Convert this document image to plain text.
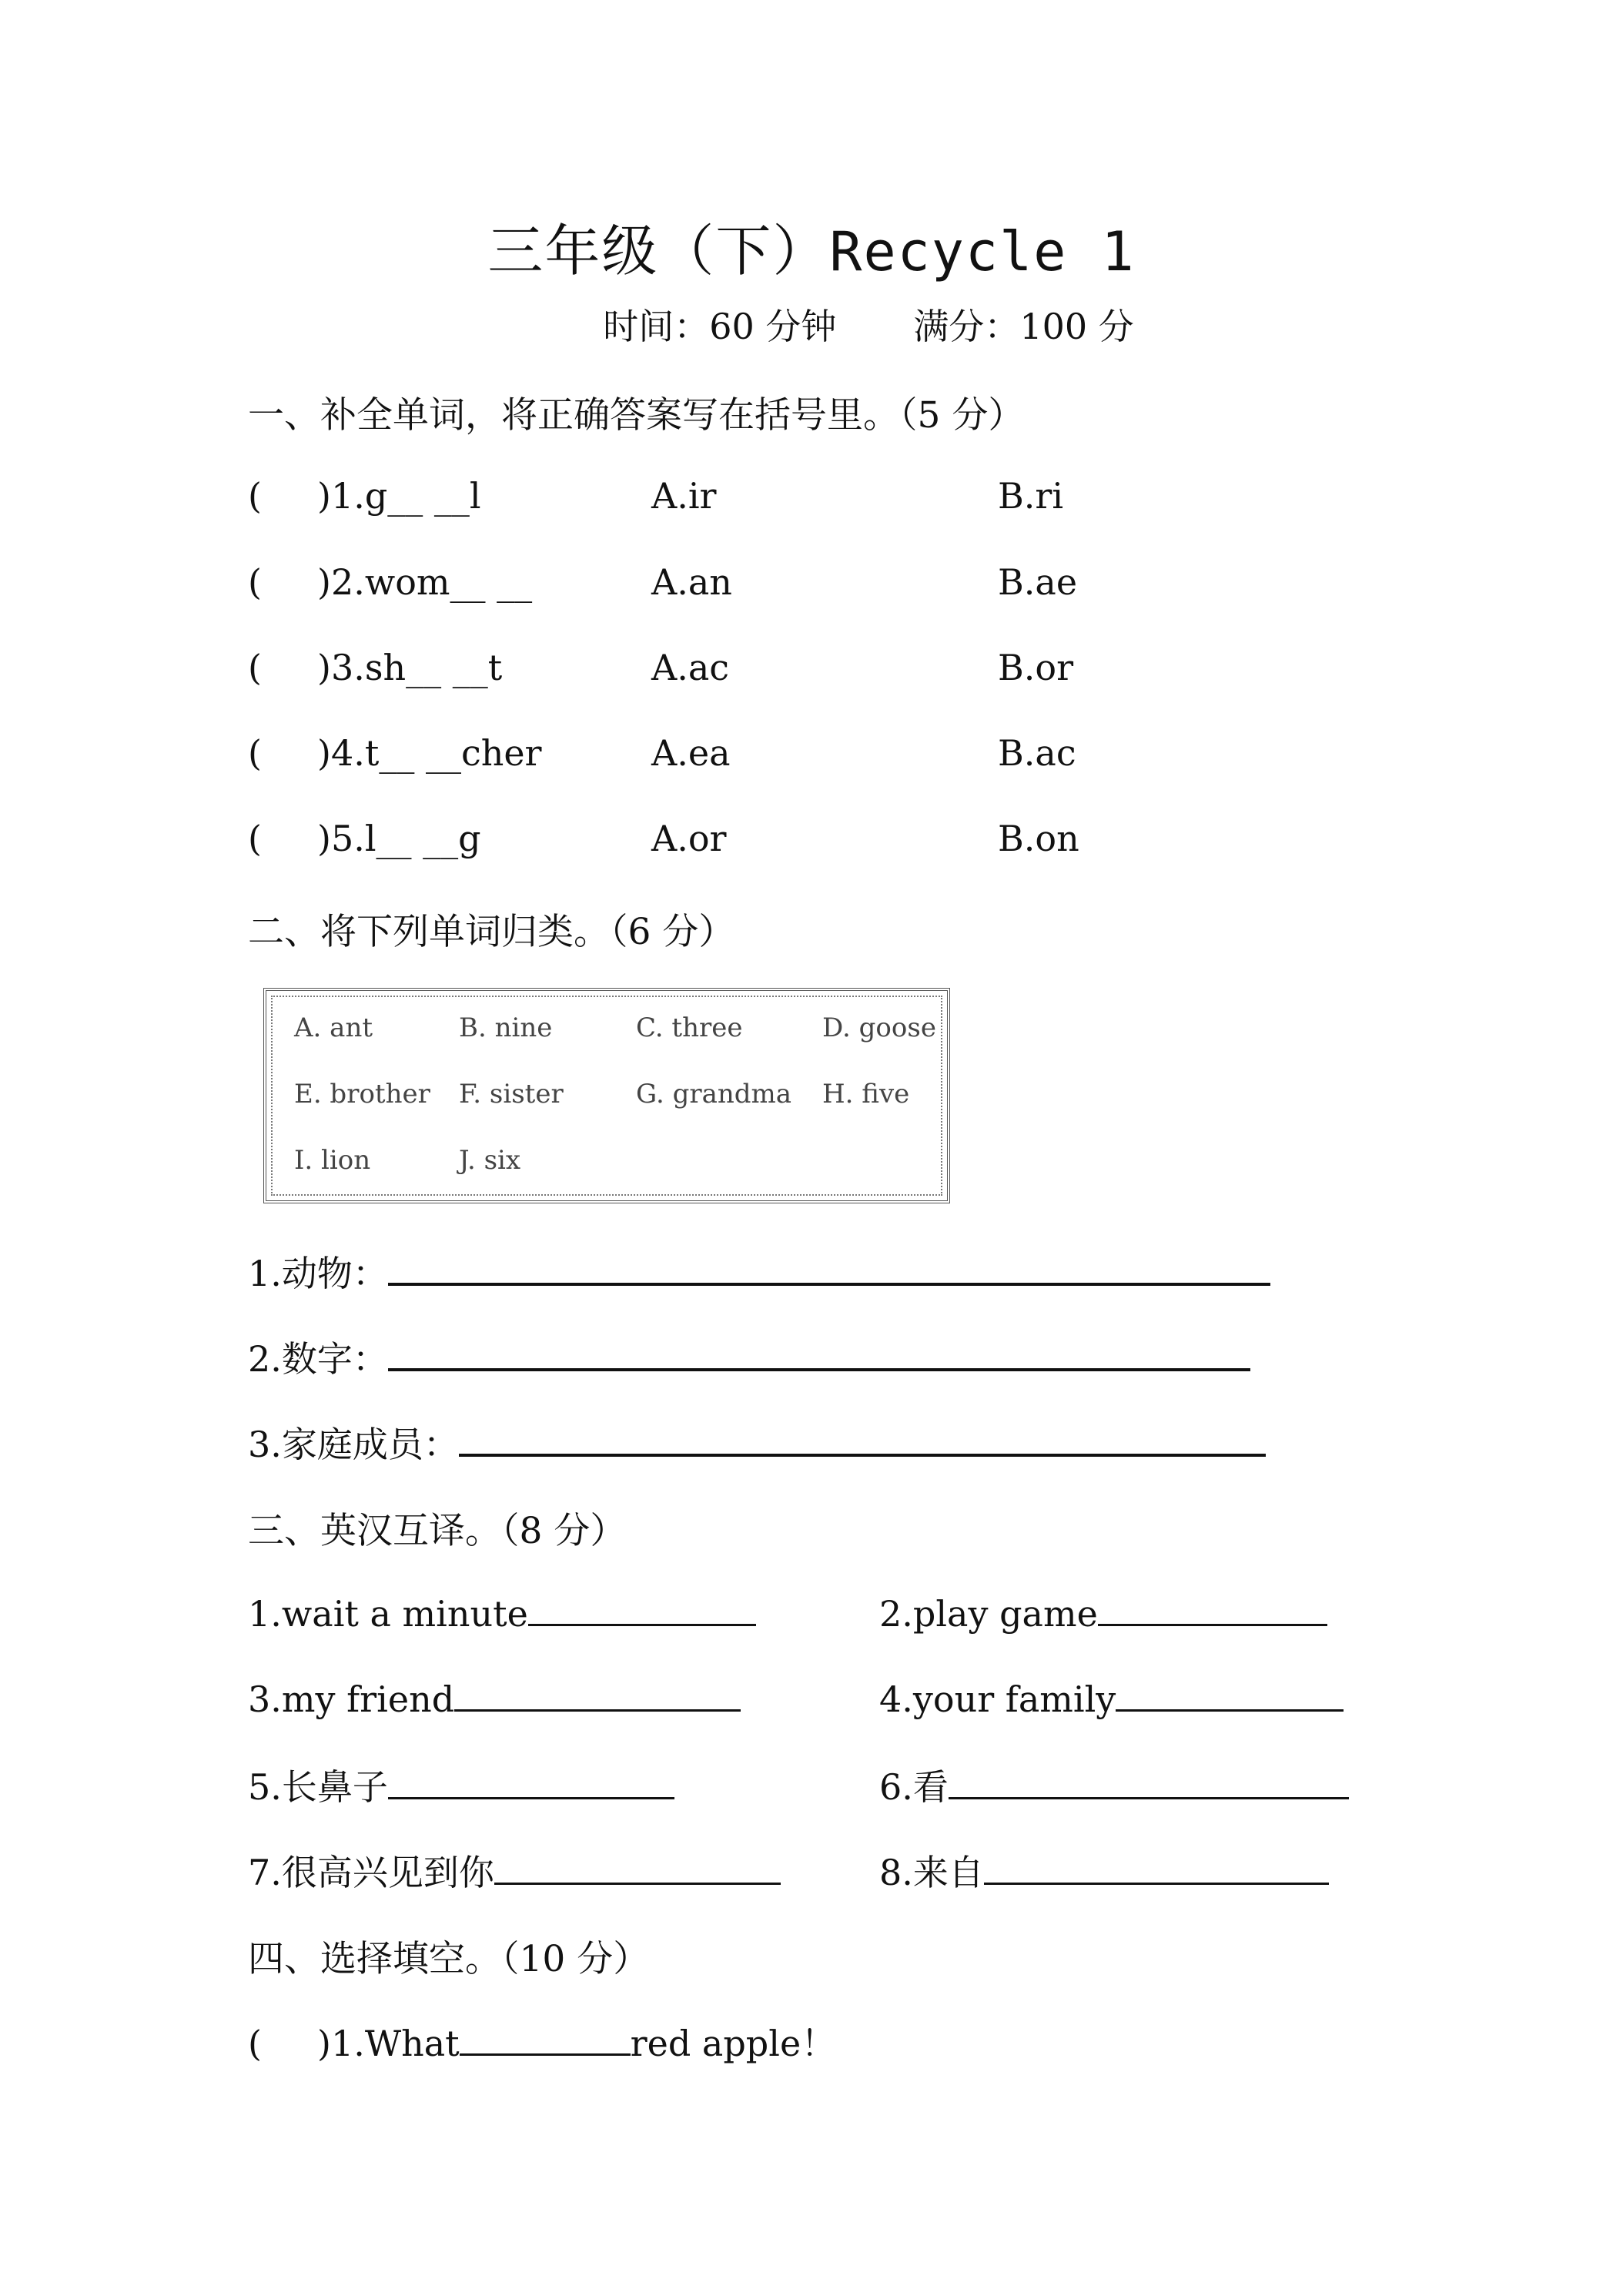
三年级（下）Recycle 1
时间：60 分钟 满分：100 分
一、补全单词，将正确答案写在括号里。（5 分）
( )1.g__ __l	A.ir	B.ri
( )2.wom__ __	A.an	B.ae
( )3.sh__ __t	A.ac	B.or
( )4.t__ __cher	A.ea	B.ac
( )5.l__ __g	A.or	B.on
二、将下列单词归类。（6 分）
A. ant	B. nine	C. three	D. goose
E. brother F. sister	G. grandma H. five
I. lion	J. six
1.动物：
2.数字：
3.家庭成员：
三、英汉互译。（8 分）
1.wait a minute	2.play game
3.my friend	4.your family
5.长鼻子	6.看
7.很高兴见到你	8.来自
四、选择填空。（10 分）
( )1.What	red apple！
